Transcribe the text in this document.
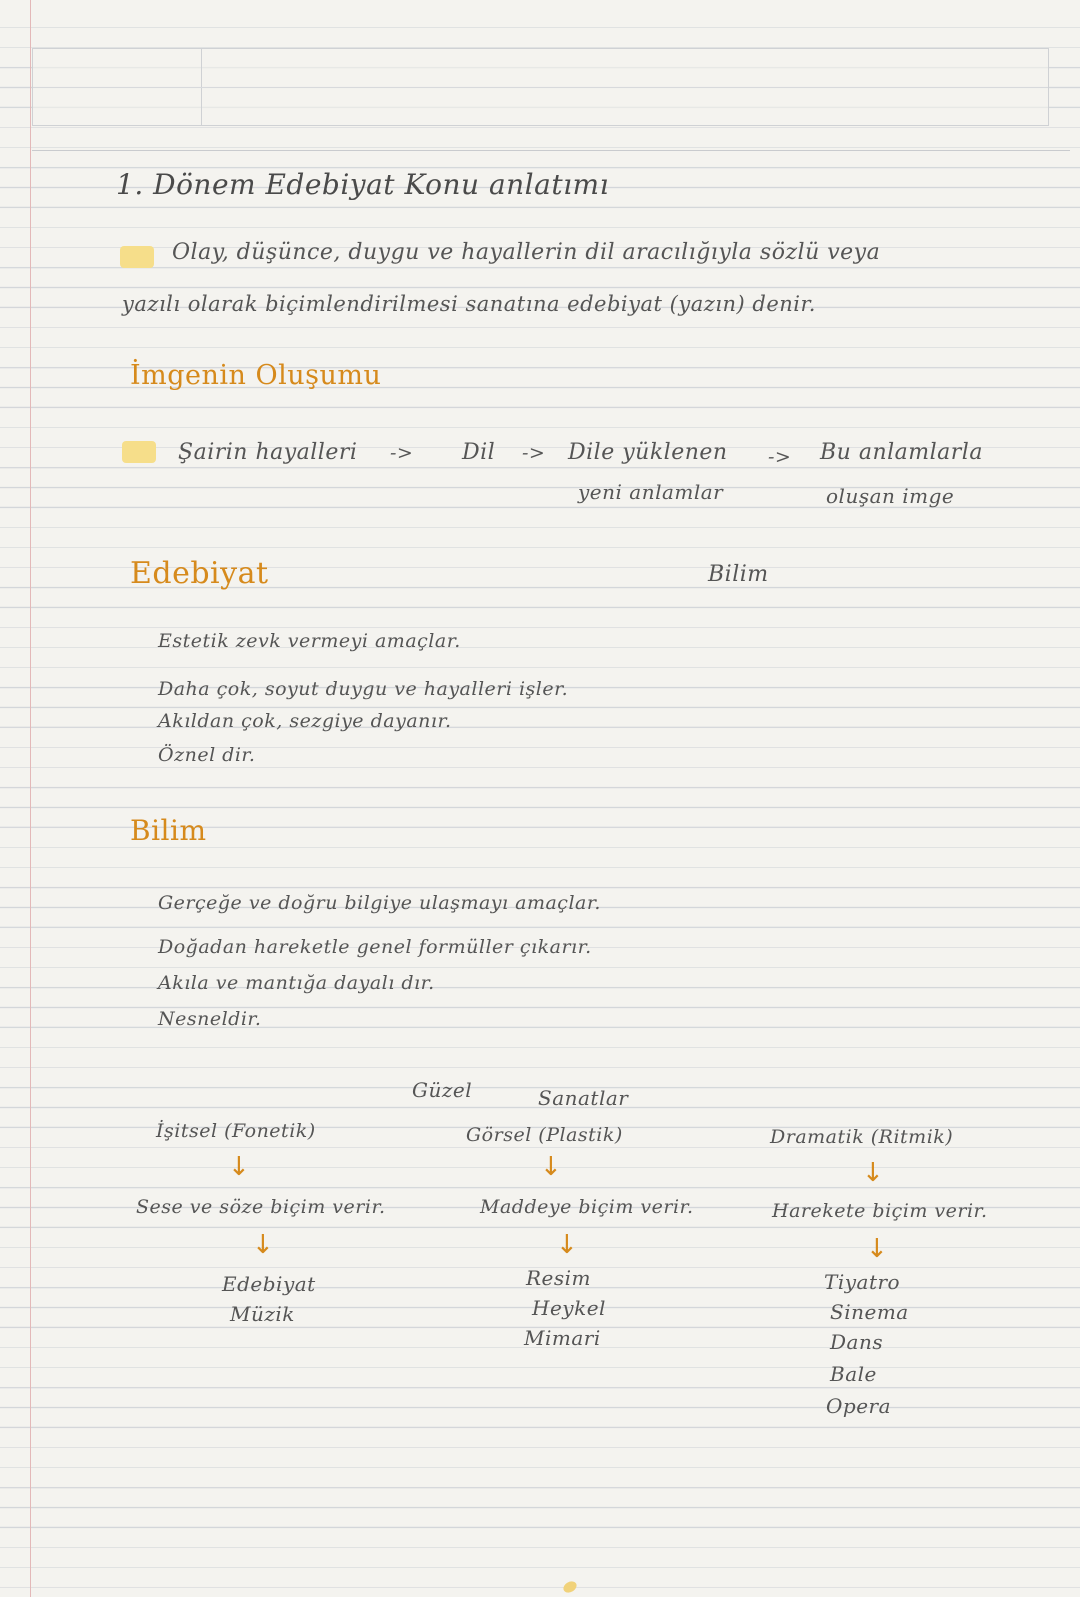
1. Dönem Edebiyat Konu anlatımı
Olay, düşünce, duygu ve hayallerin dil aracılığıyla sözlü veya
yazılı olarak biçimlendirilmesi sanatına edebiyat (yazın) denir.
İmgenin Oluşumu
Şairin hayalleri -> Dil -> Dile yüklenen
yeni anlamlar
-> Bu anlamlarla
oluşan imge
Edebiyat	Bilim
Estetik zevk vermeyi amaçlar.
Daha çok, soyut duygu ve hayalleri işler.
Akıldan çok, sezgiye dayanır.
Öznel dir.
Bilim
Gerçeğe ve doğru bilgiye ulaşmayı amaçlar.
Doğadan hareketle genel formüller çıkarır.
Akıla ve mantığa dayalı dır.
Nesneldir.
Güzel	Sanatlar
İşitsel (Fonetik)
↓
Sese ve söze biçim verir.
↓
Edebiyat
Müzik
Görsel (Plastik)
↓
Maddeye biçim verir.
↓
Resim
Heykel
Mimari
Dramatik (Ritmik)
↓
Harekete biçim verir.
↓
Tiyatro
Sinema
Dans
Bale
Opera
